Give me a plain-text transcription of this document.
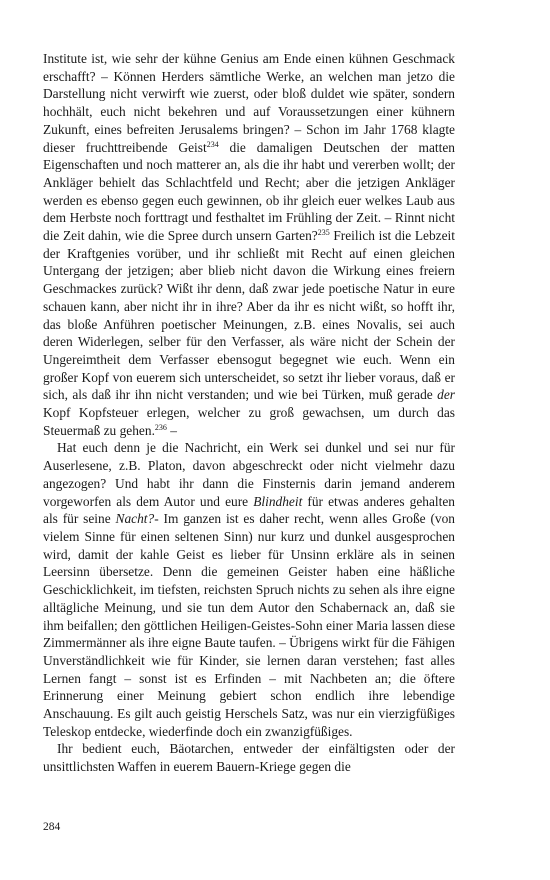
Institute ist, wie sehr der kühne Genius am Ende einen kühnen Geschmack erschafft? – Können Herders sämtliche Werke, an welchen man jetzo die Darstellung nicht verwirft wie zuerst, oder bloß duldet wie später, sondern hochhält, euch nicht bekehren und auf Voraussetzungen einer kühnern Zukunft, eines befreiten Jerusalems bringen? – Schon im Jahr 1768 klagte dieser fruchttreibende Geist$^{234}$ die damaligen Deutschen der matten Eigenschaften und noch matterer an, als die ihr habt und vererben wollt; der Ankläger behielt das Schlachtfeld und Recht; aber die jetzigen Ankläger werden es ebenso gegen euch gewinnen, ob ihr gleich euer welkes Laub aus dem Herbste noch forttragt und festhaltet im Frühling der Zeit. – Rinnt nicht die Zeit dahin, wie die Spree durch unsern Garten?$^{235}$ Freilich ist die Lebzeit der Kraftgenies vorüber, und ihr schließt mit Recht auf einen gleichen Untergang der jetzigen; aber blieb nicht davon die Wirkung eines freiern Geschmackes zurück? Wißt ihr denn, daß zwar jede poetische Natur in eure schauen kann, aber nicht ihr in ihre? Aber da ihr es nicht wißt, so hofft ihr, das bloße Anführen poetischer Meinungen, z.B. eines Novalis, sei auch deren Widerlegen, selber für den Verfasser, als wäre nicht der Schein der Ungereimtheit dem Verfasser ebensogut begegnet wie euch. Wenn ein großer Kopf von euerem sich unterscheidet, so setzt ihr lieber voraus, daß er sich, als daß ihr ihn nicht verstanden; und wie bei Türken, muß gerade der Kopf Kopfsteuer erlegen, welcher zu groß gewachsen, um durch das Steuermaß zu gehen.$^{236}$ –

Hat euch denn je die Nachricht, ein Werk sei dunkel und sei nur für Auserlesene, z.B. Platon, davon abgeschreckt oder nicht vielmehr dazu angezogen? Und habt ihr dann die Finsternis darin jemand anderem vorgeworfen als dem Autor und eure Blindheit für etwas anderes gehalten als für seine Nacht?- Im ganzen ist es daher recht, wenn alles Große (von vielem Sinne für einen seltenen Sinn) nur kurz und dunkel ausgesprochen wird, damit der kahle Geist es lieber für Unsinn erkläre als in seinen Leersinn übersetze. Denn die gemeinen Geister haben eine häßliche Geschicklichkeit, im tiefsten, reichsten Spruch nichts zu sehen als ihre eigne alltägliche Meinung, und sie tun dem Autor den Schabernack an, daß sie ihm beifallen; den göttlichen Heiligen-Geistes-Sohn einer Maria lassen diese Zimmermänner als ihre eigne Baute taufen. – Übrigens wirkt für die Fähigen Unverständlichkeit wie für Kinder, sie lernen daran verstehen; fast alles Lernen fangt – sonst ist es Erfinden – mit Nachbeten an; die öftere Erinnerung einer Meinung gebiert schon endlich ihre lebendige Anschauung. Es gilt auch geistig Herschels Satz, was nur ein vierzigfüßiges Teleskop entdecke, wiederfinde doch ein zwanzigfüßiges.

Ihr bedient euch, Bäotarchen, entweder der einfältigsten oder der unsittlichsten Waffen in euerem Bauern-Kriege gegen die

284
